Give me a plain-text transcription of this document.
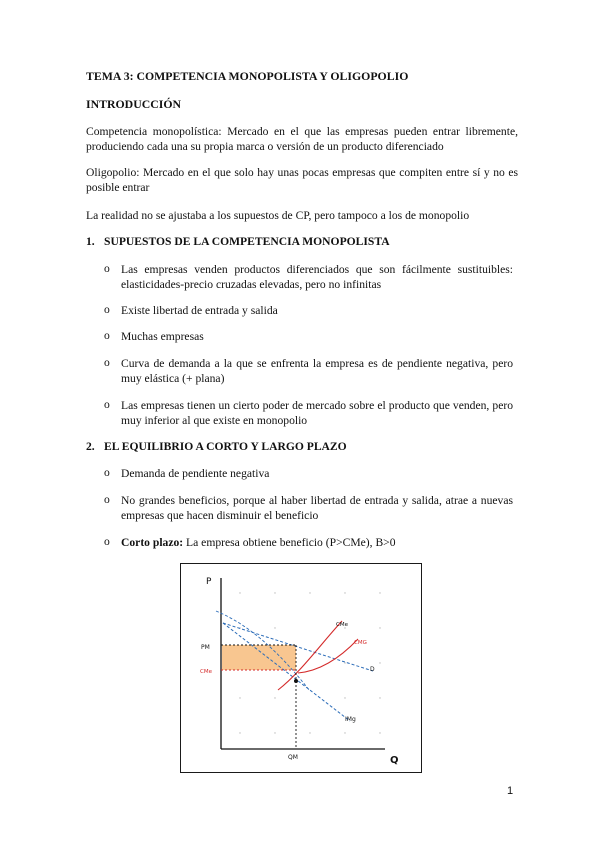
TEMA 3: COMPETENCIA MONOPOLISTA Y OLIGOPOLIO
INTRODUCCIÓN
Competencia monopolística: Mercado en el que las empresas pueden entrar libremente, produciendo cada una su propia marca o versión de un producto diferenciado
Oligopolio: Mercado en el que solo hay unas pocas empresas que compiten entre sí y no es posible entrar
La realidad no se ajustaba a los supuestos de CP, pero tampoco a los de monopolio
1. SUPUESTOS DE LA COMPETENCIA MONOPOLISTA
o Las empresas venden productos diferenciados que son fácilmente sustituibles: elasticidades-precio cruzadas elevadas, pero no infinitas
o Existe libertad de entrada y salida
o Muchas empresas
o Curva de demanda a la que se enfrenta la empresa es de pendiente negativa, pero muy elástica (+ plana)
o Las empresas tienen un cierto poder de mercado sobre el producto que venden, pero muy inferior al que existe en monopolio
2. EL EQUILIBRIO A CORTO Y LARGO PLAZO
o Demanda de pendiente negativa
o No grandes beneficios, porque al haber libertad de entrada y salida, atrae a nuevas empresas que hacen disminuir el beneficio
o Corto plazo: La empresa obtiene beneficio (P>CMe), B>0
P
Q
PM
CMe
QM
CMe
CMG
D
IMg
1
